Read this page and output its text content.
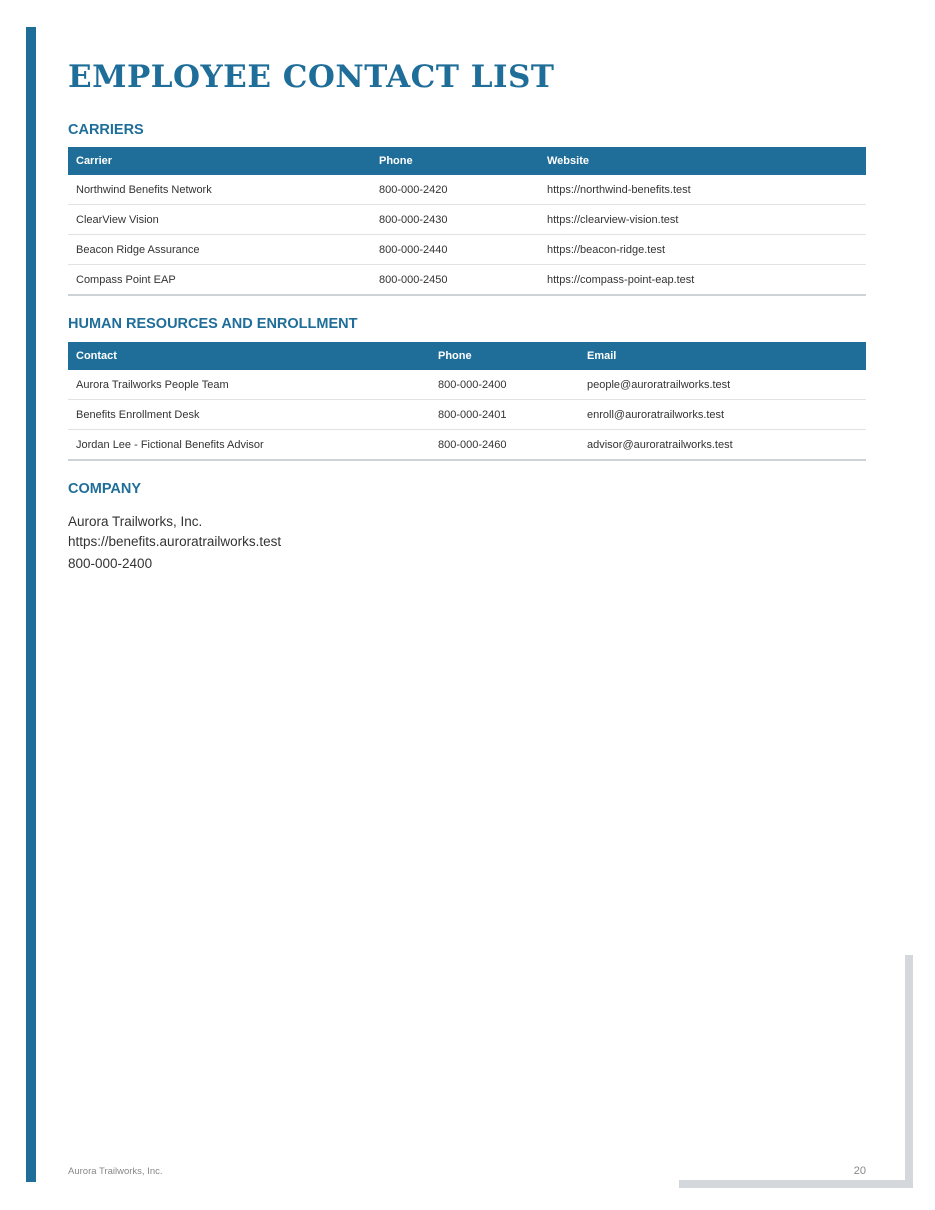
EMPLOYEE CONTACT LIST
CARRIERS
Carrier	Phone	Website
Northwind Benefits Network	800-000-2420	https://northwind-benefits.test
ClearView Vision	800-000-2430	https://clearview-vision.test
Beacon Ridge Assurance	800-000-2440	https://beacon-ridge.test
Compass Point EAP	800-000-2450	https://compass-point-eap.test
HUMAN RESOURCES AND ENROLLMENT
Contact	Phone	Email
Aurora Trailworks People Team	800-000-2400	people@auroratrailworks.test
Benefits Enrollment Desk	800-000-2401	enroll@auroratrailworks.test
Jordan Lee - Fictional Benefits Advisor	800-000-2460	advisor@auroratrailworks.test
COMPANY
Aurora Trailworks, Inc.
https://benefits.auroratrailworks.test
800-000-2400
Aurora Trailworks, Inc.	20
